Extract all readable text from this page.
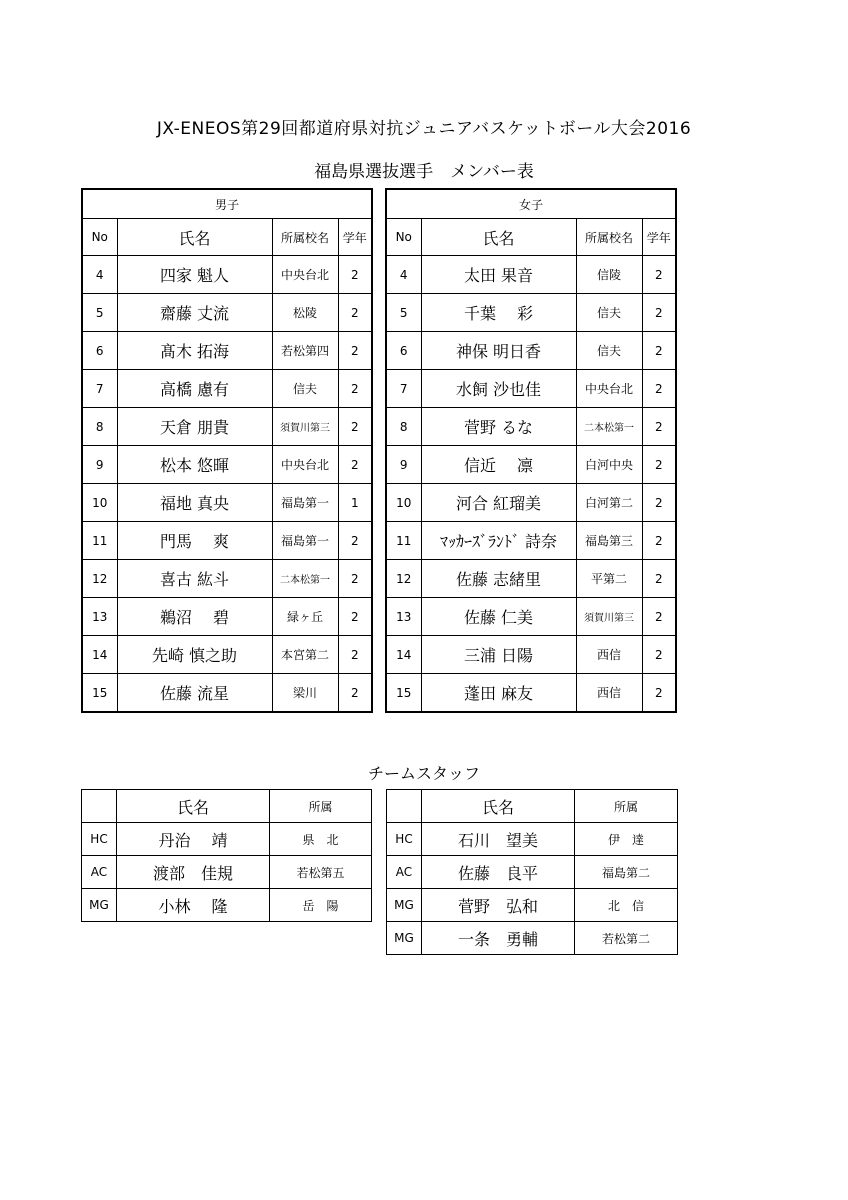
JX-ENEOS第29回都道府県対抗ジュニアバスケットボール大会2016
福島県選抜選手　メンバー表
男子			
No	氏名	所属校名	学年
4	四家 魁人	中央台北	2
5	齋藤 丈流	松陵	2
6	髙木 拓海	若松第四	2
7	高橋 慮有	信夫	2
8	天倉 朋貴	須賀川第三	2
9	松本 悠暉	中央台北	2
10	福地 真央	福島第一	1
11	門馬　 爽	福島第一	2
12	喜古 紘斗	二本松第一	2
13	鵜沼　 碧	緑ヶ丘	2
14	先崎 慎之助	本宮第二	2
15	佐藤 流星	梁川	2
女子			
No	氏名	所属校名	学年
4	太田 果音	信陵	2
5	千葉　 彩	信夫	2
6	神保 明日香	信夫	2
7	水飼 沙也佳	中央台北	2
8	菅野 るな	二本松第一	2
9	信近　 凛	白河中央	2
10	河合 紅瑠美	白河第二	2
11	ﾏｯｶｰｽﾞﾗﾝﾄﾞ 詩奈	福島第三	2
12	佐藤 志緒里	平第二	2
13	佐藤 仁美	須賀川第三	2
14	三浦 日陽	西信	2
15	蓬田 麻友	西信	2
チームスタッフ
	氏名	所属
HC	丹治　 靖	県　北
AC	渡部　佳規	若松第五
MG	小林　 隆	岳　陽
	氏名	所属
HC	石川　望美	伊　達
AC	佐藤　良平	福島第二
MG	菅野　弘和	北　信
MG	一条　勇輔	若松第二
